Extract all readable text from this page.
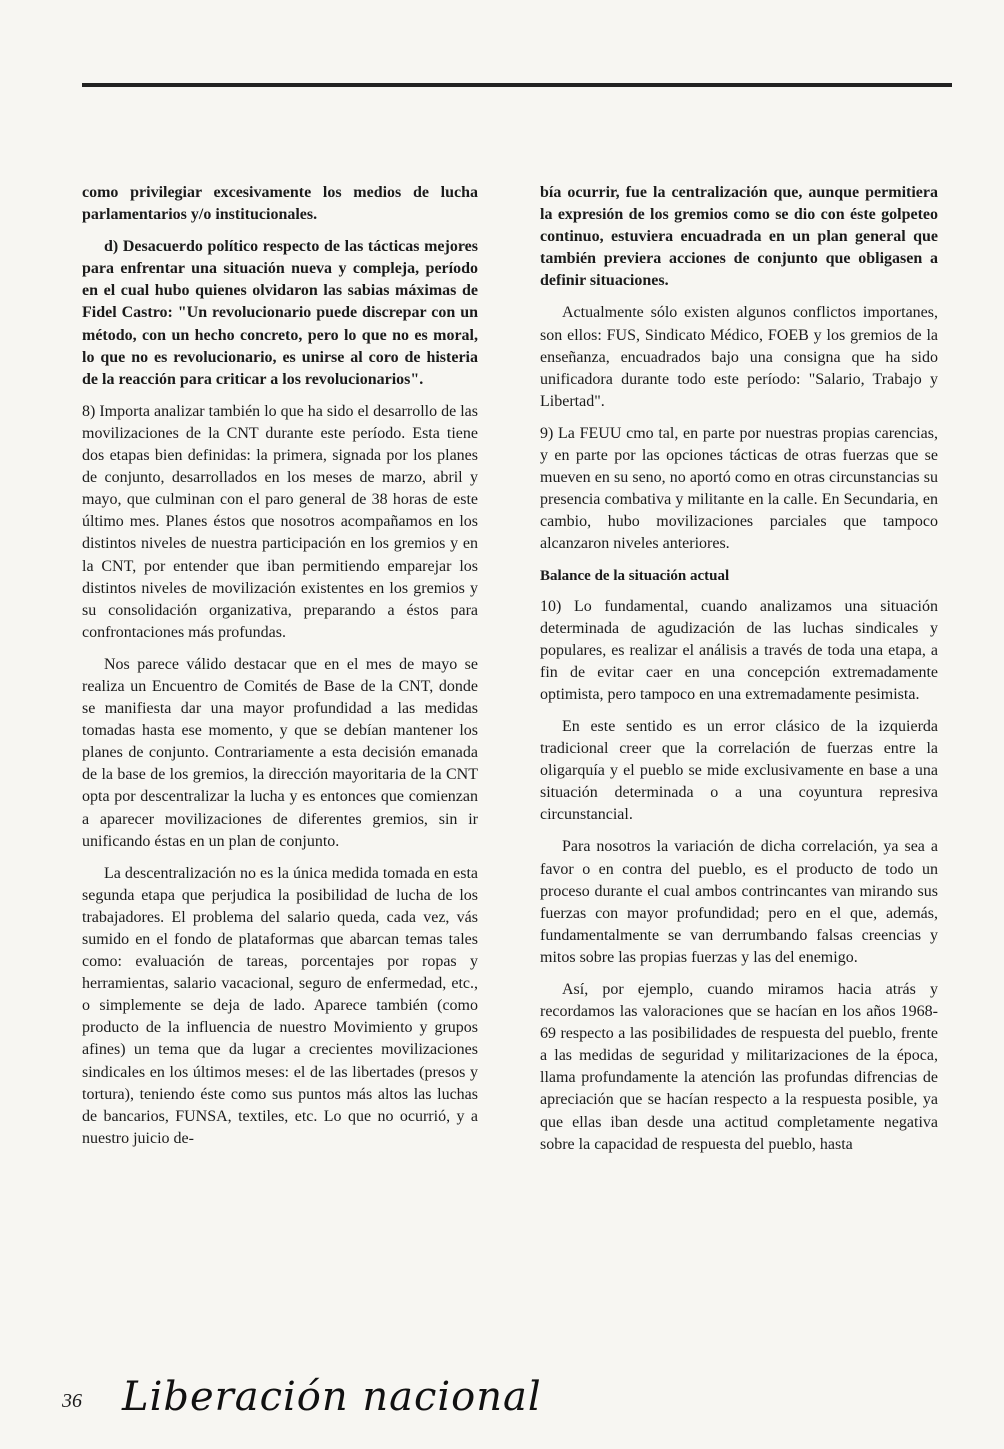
como privilegiar excesivamente los medios de lucha parlamentarios y/o institucionales.

d) Desacuerdo político respecto de las tácticas mejores para enfrentar una situación nueva y compleja, período en el cual hubo quienes olvidaron las sabias máximas de Fidel Castro: "Un revolucionario puede discrepar con un método, con un hecho concreto, pero lo que no es moral, lo que no es revolucionario, es unirse al coro de histeria de la reacción para criticar a los revolucionarios".

8) Importa analizar también lo que ha sido el desarrollo de las movilizaciones de la CNT durante este período. Esta tiene dos etapas bien definidas: la primera, signada por los planes de conjunto, desarrollados en los meses de marzo, abril y mayo, que culminan con el paro general de 38 horas de este último mes. Planes éstos que nosotros acompañamos en los distintos niveles de nuestra participación en los gremios y en la CNT, por entender que iban permitiendo emparejar los distintos niveles de movilización existentes en los gremios y su consolidación organizativa, preparando a éstos para confrontaciones más profundas.

Nos parece válido destacar que en el mes de mayo se realiza un Encuentro de Comités de Base de la CNT, donde se manifiesta dar una mayor profundidad a las medidas tomadas hasta ese momento, y que se debían mantener los planes de conjunto. Contrariamente a esta decisión emanada de la base de los gremios, la dirección mayoritaria de la CNT opta por descentralizar la lucha y es entonces que comienzan a aparecer movilizaciones de diferentes gremios, sin ir unificando éstas en un plan de conjunto.

La descentralización no es la única medida tomada en esta segunda etapa que perjudica la posibilidad de lucha de los trabajadores. El problema del salario queda, cada vez, vás sumido en el fondo de plataformas que abarcan temas tales como: evaluación de tareas, porcentajes por ropas y herramientas, salario vacacional, seguro de enfermedad, etc., o simplemente se deja de lado. Aparece también (como producto de la influencia de nuestro Movimiento y grupos afines) un tema que da lugar a crecientes movilizaciones sindicales en los últimos meses: el de las libertades (presos y tortura), teniendo éste como sus puntos más altos las luchas de bancarios, FUNSA, textiles, etc. Lo que no ocurrió, y a nuestro juicio de-

bía ocurrir, fue la centralización que, aunque permitiera la expresión de los gremios como se dio con éste golpeteo continuo, estuviera encuadrada en un plan general que también previera acciones de conjunto que obligasen a definir situaciones.

Actualmente sólo existen algunos conflictos importanes, son ellos: FUS, Sindicato Médico, FOEB y los gremios de la enseñanza, encuadrados bajo una consigna que ha sido unificadora durante todo este período: "Salario, Trabajo y Libertad".

9) La FEUU cmo tal, en parte por nuestras propias carencias, y en parte por las opciones tácticas de otras fuerzas que se mueven en su seno, no aportó como en otras circunstancias su presencia combativa y militante en la calle. En Secundaria, en cambio, hubo movilizaciones parciales que tampoco alcanzaron niveles anteriores.

Balance de la situación actual

10) Lo fundamental, cuando analizamos una situación determinada de agudización de las luchas sindicales y populares, es realizar el análisis a través de toda una etapa, a fin de evitar caer en una concepción extremadamente optimista, pero tampoco en una extremadamente pesimista.

En este sentido es un error clásico de la izquierda tradicional creer que la correlación de fuerzas entre la oligarquía y el pueblo se mide exclusivamente en base a una situación determinada o a una coyuntura represiva circunstancial.

Para nosotros la variación de dicha correlación, ya sea a favor o en contra del pueblo, es el producto de todo un proceso durante el cual ambos contrincantes van mirando sus fuerzas con mayor profundidad; pero en el que, además, fundamentalmente se van derrumbando falsas creencias y mitos sobre las propias fuerzas y las del enemigo.

Así, por ejemplo, cuando miramos hacia atrás y recordamos las valoraciones que se hacían en los años 1968-69 respecto a las posibilidades de respuesta del pueblo, frente a las medidas de seguridad y militarizaciones de la época, llama profundamente la atención las profundas difrencias de apreciación que se hacían respecto a la respuesta posible, ya que ellas iban desde una actitud completamente negativa sobre la capacidad de respuesta del pueblo, hasta

36 Liberación nacional
